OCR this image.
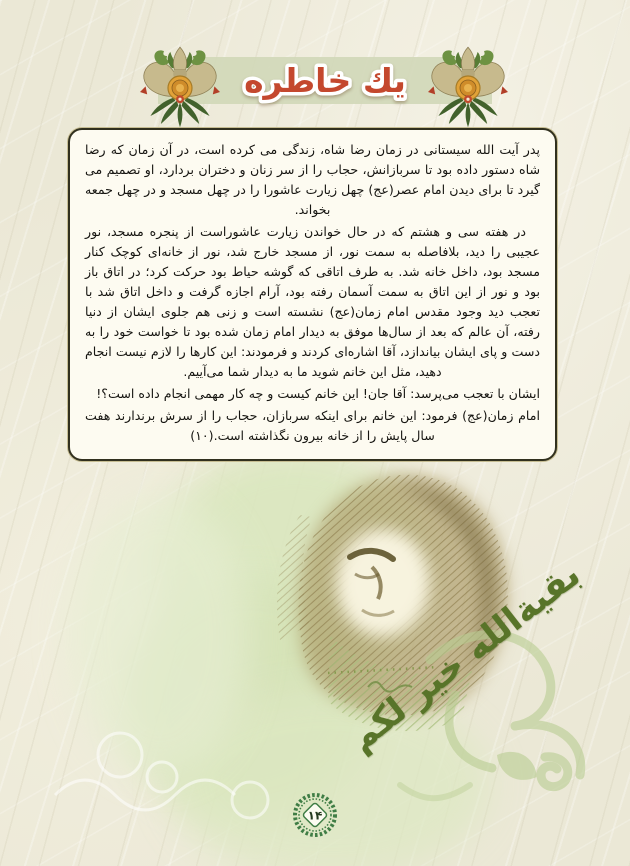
يك خاطره

پدر آیت الله سیستانی در زمان رضا شاه، زندگی می کرده است، در آن زمان که رضا شاه دستور داده بود تا سربازانش، حجاب را از سر زنان و دختران بردارد، او تصمیم می گیرد تا برای دیدن امام عصر(عج) چهل زیارت عاشورا را در چهل مسجد و در چهل جمعه بخواند.

در هفته سی و هشتم که در حال خواندن زیارت عاشوراست از پنجره مسجد، نور عجیبی را دید، بلافاصله به سمت نور، از مسجد خارج شد، نور از خانه‌ای کوچک کنار مسجد بود، داخل خانه شد. به طرف اتاقی که گوشه حیاط بود حرکت کرد؛ در اتاق باز بود و نور از این اتاق به سمت آسمان رفته بود، آرام اجازه گرفت و داخل اتاق شد با تعجب دید وجود مقدس امام زمان(عج) نشسته است و زنی هم جلوی ایشان از دنیا رفته، آن عالم که بعد از سال‌ها موفق به دیدار امام زمان شده بود تا خواست خود را به دست و پای ایشان بیاندازد، آقا اشاره‌ای کردند و فرمودند: این کارها را لازم نیست انجام دهید، مثل این خانم شوید ما به دیدار شما می‌آییم.

ایشان با تعجب می‌پرسد: آقا جان! این خانم کیست و چه کار مهمی انجام داده است؟!

امام زمان(عج) فرمود: این خانم برای اینکه سربازان، حجاب را از سرش برندارند هفت سال پایش را از خانه بیرون نگذاشته است.(۱۰)

بقیة‌الله خیر لکم
۱۴
